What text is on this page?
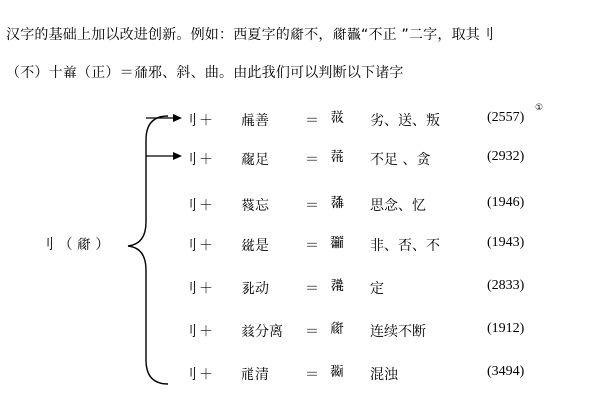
汉字的基础上加以改进创新。例如：西夏字的𗏆不，𗏆𗖻“不正 ”二字，取其刂
（不）十𗒐（正）＝𗗙邪、斜、曲。由此我们可以判断以下诸字
刂 （ 𗏆 ）
刂 ＋ 𗍫善	＝ 𗖣 劣、送、叛	(2557)
①
刂 ＋ 𗗠足	＝ 𗖥 不足 、贪	(2932)
刂 ＋ 𗛹忘	＝ 𗖧 思念、忆	(1946)
刂 ＋ 𗦲是	＝ 𗗋 非、否、不	(1943)
刂 ＋ 𗎘动	＝ 𗗈 定	(2833)
刂 ＋ 𗑠分离 ＝ 𗏆 连续不断	(1912)
刂 ＋ 𗙏清	＝ 𗗅 混浊	(3494)
